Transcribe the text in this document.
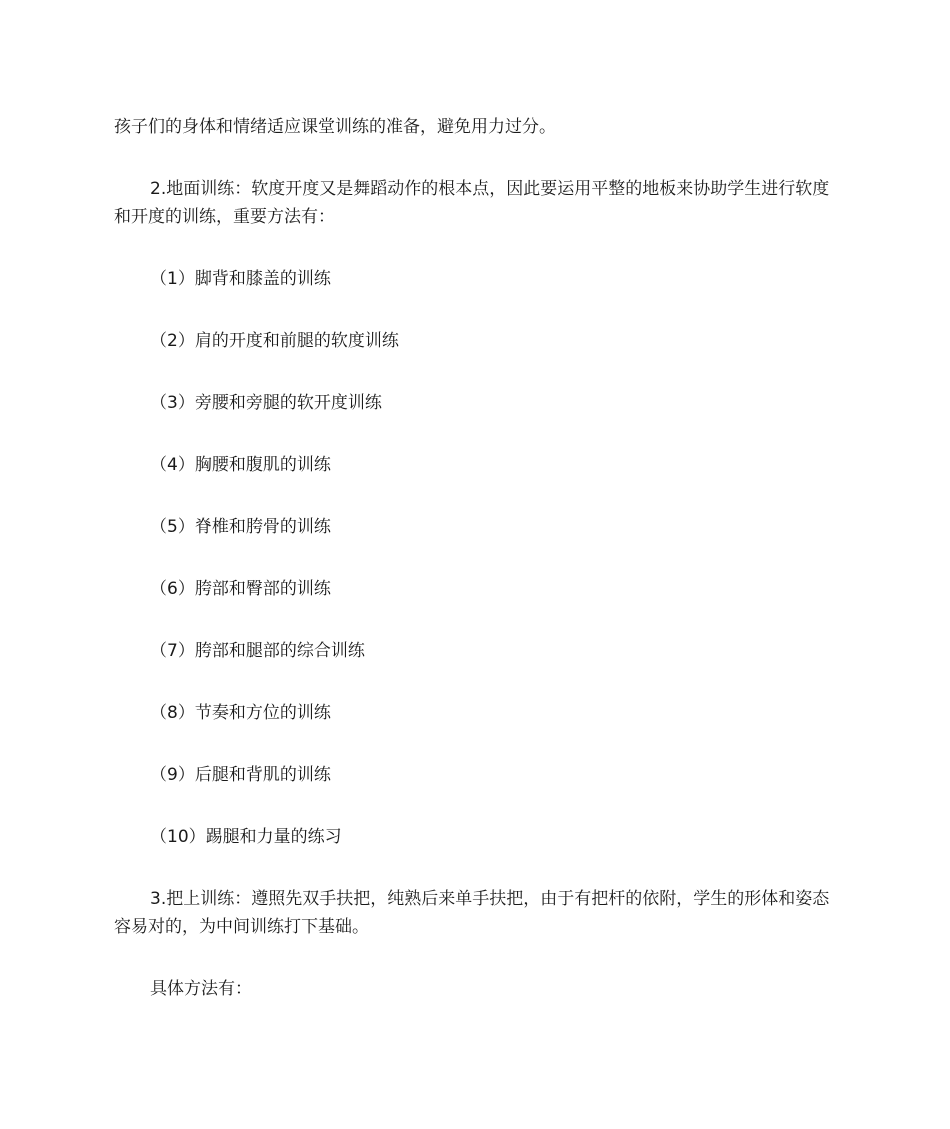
孩子们的身体和情绪适应课堂训练的准备，避免用力过分。

2.地面训练：软度开度又是舞蹈动作的根本点，因此要运用平整的地板来协助学生进行软度和开度的训练，重要方法有：

（1）脚背和膝盖的训练

（2）肩的开度和前腿的软度训练

（3）旁腰和旁腿的软开度训练

（4）胸腰和腹肌的训练

（5）脊椎和胯骨的训练

（6）胯部和臀部的训练

（7）胯部和腿部的综合训练

（8）节奏和方位的训练

（9）后腿和背肌的训练

（10）踢腿和力量的练习

3.把上训练：遵照先双手扶把，纯熟后来单手扶把，由于有把杆的依附，学生的形体和姿态容易对的，为中间训练打下基础。

具体方法有：
